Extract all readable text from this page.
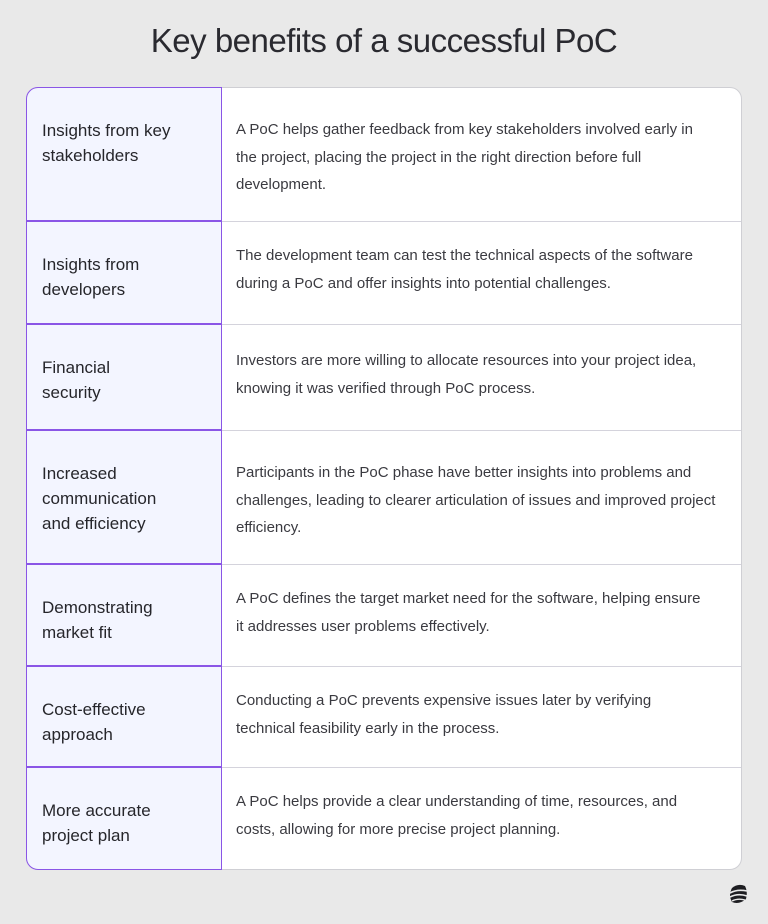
Key benefits of a successful PoC
Insights from key stakeholders
A PoC helps gather feedback from key stakeholders involved early in the project, placing the project in the right direction before full development.
Insights from developers
The development team can test the technical aspects of the software during a PoC and offer insights into potential challenges.
Financial security
Investors are more willing to allocate resources into your project idea, knowing it was verified through PoC process.
Increased communication and efficiency
Participants in the PoC phase have better insights into problems and challenges, leading to clearer articulation of issues and improved project efficiency.
Demonstrating market fit
A PoC defines the target market need for the software, helping ensure it addresses user problems effectively.
Cost-effective approach
Conducting a PoC prevents expensive issues later by verifying technical feasibility early in the process.
More accurate project plan
A PoC helps provide a clear understanding of time, resources, and costs, allowing for more precise project planning.
